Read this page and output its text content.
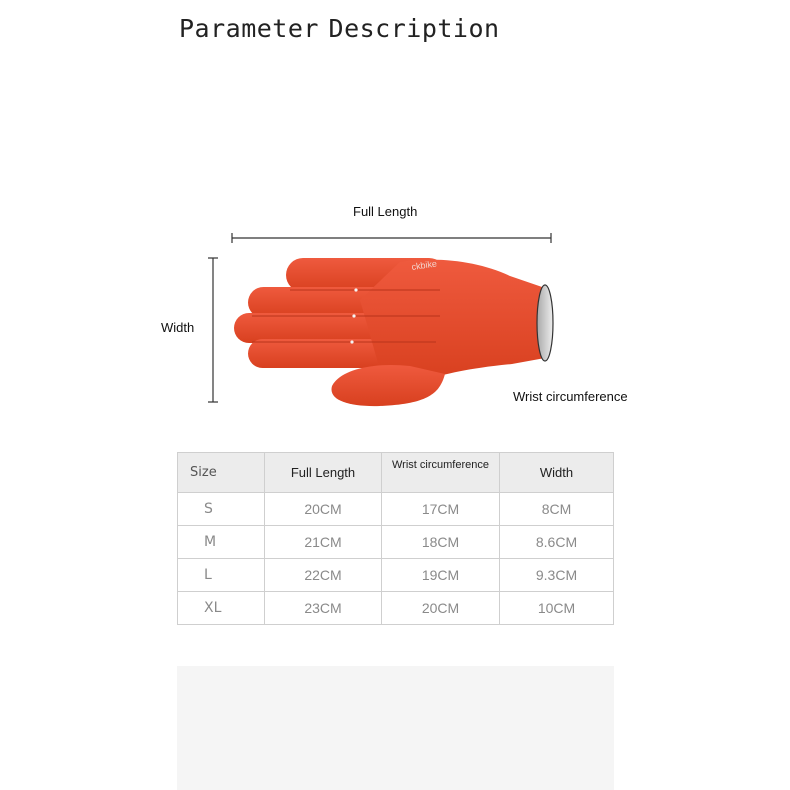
Parameter Description
ckbike
Full Length
Width
Wrist circumference
Size	Full Length	Wrist circumference	Width
S	20CM	17CM	8CM
M	21CM	18CM	8.6CM
L	22CM	19CM	9.3CM
XL	23CM	20CM	10CM
